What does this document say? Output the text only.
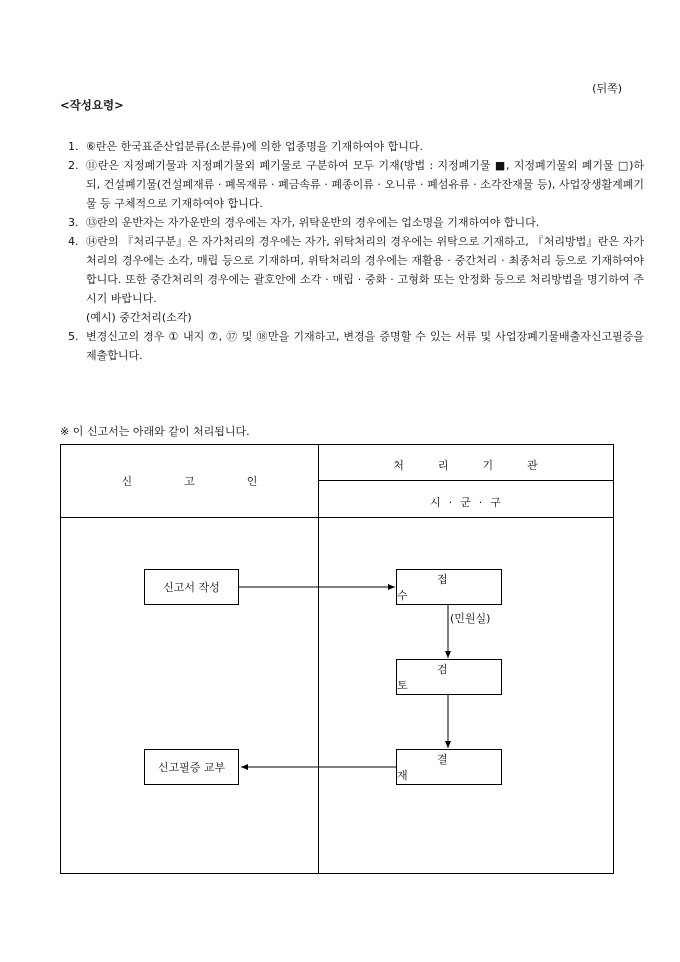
(뒤쪽)
<작성요령>
⑥란은 한국표준산업분류(소분류)에 의한 업종명을 기재하여야 합니다.
⑪란은 지정폐기물과 지정폐기물외 폐기물로 구분하여 모두 기재(방법 : 지정폐기물 ■, 지정폐기물외 폐기물 □)하되, 건설폐기물(건설폐재류 · 폐목재류 · 폐금속류 · 폐종이류 · 오니류 · 폐섬유류 · 소각잔재물 등), 사업장생활계폐기물 등 구체적으로 기재하여야 합니다.
⑬란의 운반자는 자가운반의 경우에는 자가, 위탁운반의 경우에는 업소명을 기재하여야 합니다.
⑭란의 『처리구분』은 자가처리의 경우에는 자가, 위탁처리의 경우에는 위탁으로 기재하고, 『처리방법』란은 자가처리의 경우에는 소각, 매립 등으로 기재하며, 위탁처리의 경우에는 재활용 · 중간처리 · 최종처리 등으로 기재하여야 합니다. 또한 중간처리의 경우에는 괄호안에 소각 · 매립 · 중화 · 고형화 또는 안정화 등으로 처리방법을 명기하여 주시기 바랍니다.
(예시) 중간처리(소각)
변경신고의 경우 ① 내지 ⑦, ⑰ 및 ⑱만을 기재하고, 변경을 증명할 수 있는 서류 및 사업장폐기물배출자신고필증을 제출합니다.
※ 이 신고서는 아래와 같이 처리됩니다.
신고인
처리기관
시·군·구
신고서 작성
접수
(민원실)
검토
결재
신고필증 교부
